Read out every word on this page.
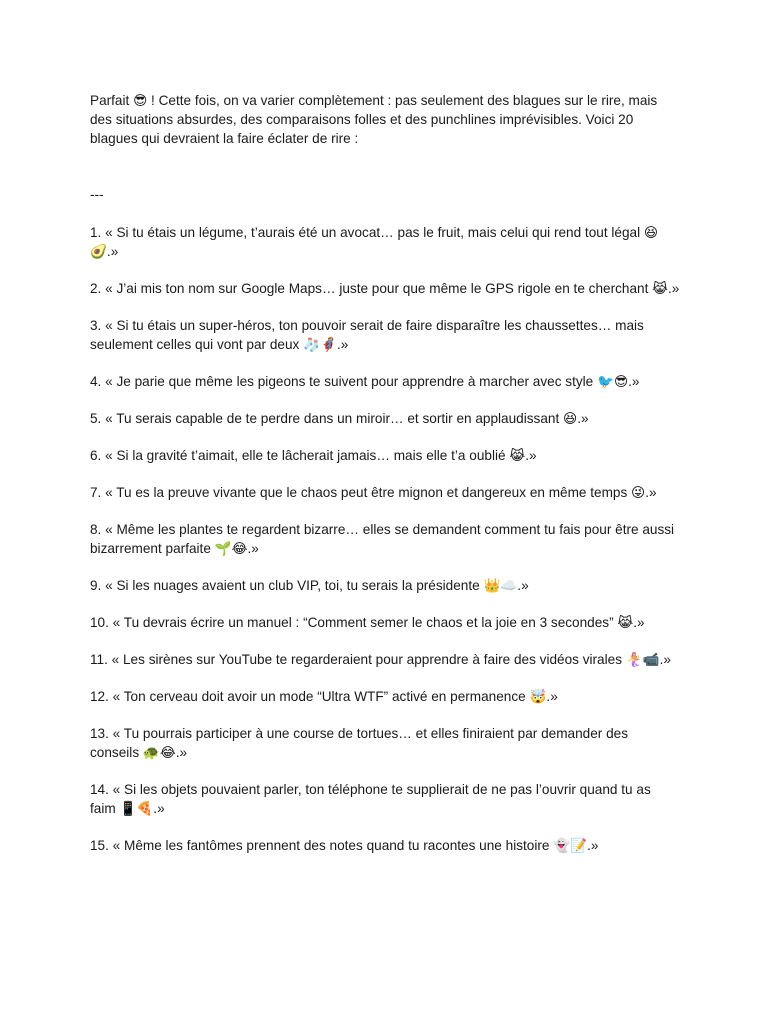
Parfait 😎 ! Cette fois, on va varier complètement : pas seulement des blagues sur le rire, mais des situations absurdes, des comparaisons folles et des punchlines imprévisibles. Voici 20 blagues qui devraient la faire éclater de rire :

---

1. « Si tu étais un légume, t’aurais été un avocat… pas le fruit, mais celui qui rend tout légal 😆🥑.»
2. « J’ai mis ton nom sur Google Maps… juste pour que même le GPS rigole en te cherchant 😹.»
3. « Si tu étais un super-héros, ton pouvoir serait de faire disparaître les chaussettes… mais seulement celles qui vont par deux 🧦🦸.»
4. « Je parie que même les pigeons te suivent pour apprendre à marcher avec style 🐦😎.»
5. « Tu serais capable de te perdre dans un miroir… et sortir en applaudissant 😆.»
6. « Si la gravité t’aimait, elle te lâcherait jamais… mais elle t’a oublié 😹.»
7. « Tu es la preuve vivante que le chaos peut être mignon et dangereux en même temps 😜.»
8. « Même les plantes te regardent bizarre… elles se demandent comment tu fais pour être aussi bizarrement parfaite 🌱😂.»
9. « Si les nuages avaient un club VIP, toi, tu serais la présidente 👑☁️.»
10. « Tu devrais écrire un manuel : “Comment semer le chaos et la joie en 3 secondes” 😹.»
11. « Les sirènes sur YouTube te regarderaient pour apprendre à faire des vidéos virales 🧜‍♀️📹.»
12. « Ton cerveau doit avoir un mode “Ultra WTF” activé en permanence 🤯.»
13. « Tu pourrais participer à une course de tortues… et elles finiraient par demander des conseils 🐢😂.»
14. « Si les objets pouvaient parler, ton téléphone te supplierait de ne pas l’ouvrir quand tu as faim 📱🍕.»
15. « Même les fantômes prennent des notes quand tu racontes une histoire 👻📝.»
